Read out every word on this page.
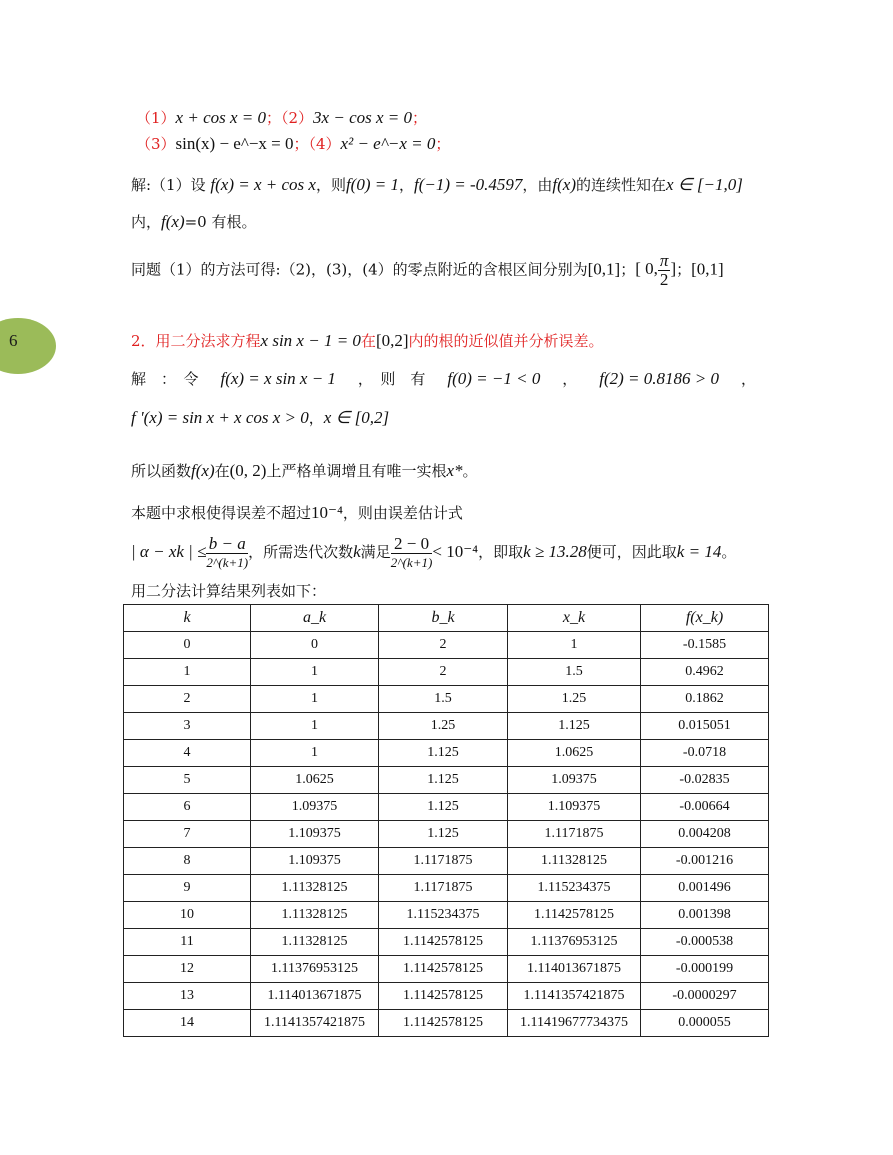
6
（1）x + cos x = 0；（2）3x − cos x = 0；
（3）sin(x) − e^−x = 0；（4）x² − e^−x = 0；
解:（1）设 f(x) = x + cos x，则f(0) = 1，f(−1) = -0.4597，由f(x)的连续性知在x ∈ [−1,0]
内，f(x)=0 有根。
同题（1）的方法可得:（2)，(3)，(4）的零点附近的含根区间分别为[0,1]；[ 0, $\frac{\pi}{2}$ ]；[0,1]
2．用二分法求方程x sin x − 1 = 0在[0,2]内的根的近似值并分析误差。
解　：　令 f(x) = x sin x − 1 ，　则　有 f(0) = −1 < 0 ， f(2) = 0.8186 > 0 ，
f '(x) = sin x + x cos x > 0，x ∈ [0,2]
所以函数f(x)在(0, 2)上严格单调增且有唯一实根x*。
本题中求根使得误差不超过10⁻⁴，则由误差估计式
| α − xk | ≤ $\frac{b - a}{2\^{}(k+1)}$ ，所需迭代次数k满足 $\frac{2 - 0}{2\^{}(k+1)} < 10^{-4}$，即取k ≥ 13.28便可，因此取k = 14。
用二分法计算结果列表如下：
k	a_k	b_k	x_k	f(x_k)
0	0	2	1	-0.1585
1	1	2	1.5	0.4962
2	1	1.5	1.25	0.1862
3	1	1.25	1.125	0.015051
4	1	1.125	1.0625	-0.0718
5	1.0625	1.125	1.09375	-0.02835
6	1.09375	1.125	1.109375	-0.00664
7	1.109375	1.125	1.1171875	0.004208
8	1.109375	1.1171875	1.11328125	-0.001216
9	1.11328125	1.1171875	1.115234375	0.001496
10	1.11328125	1.115234375	1.1142578125	0.001398
11	1.11328125	1.1142578125	1.11376953125	-0.000538
12	1.11376953125	1.1142578125	1.114013671875	-0.000199
13	1.114013671875	1.1142578125	1.1141357421875	-0.0000297
14	1.1141357421875	1.1142578125	1.11419677734375	0.000055
